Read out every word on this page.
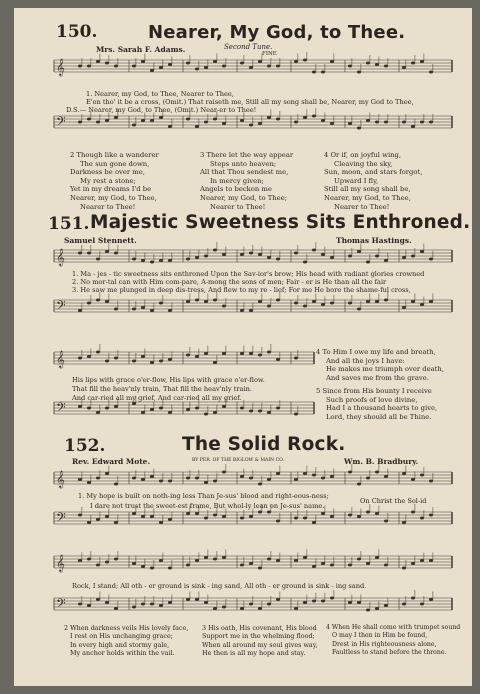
𝄞
𝄢
𝄞
𝄢
𝄞
𝄢
𝄞
𝄢
𝄞
𝄢
150.	Nearer, My God, to Thee.
Mrs. Sarah F. Adams.	Second Tune.
FINE
1. Nearer, my God, to Thee, Nearer to Thee,
E'en tho' it be a cross, (Omit.) That raiseth me, Still all my song shall be, Nearer, my God to Thee,
D.S.— Nearer, my God, to Thee, (Omit.) Near-er to Thee!
2 Though like a wanderer
The sun gone down,
Darkness be over me,
My rest a stone;
Yet in my dreams I'd be
Nearer, my God, to Thee,
Nearer to Thee!
3 There let the way appear
Steps unto heaven;
All that Thou sendest me,
In mercy given;
Angels to beckon me
Nearer, my God, to Thee;
Nearer to Thee!
4 Or if, on joyful wing,
Cleaving the sky,
Sun, moon, and stars forgot,
Upward I fly,
Still all my song shall be,
Nearer, my God, to Thee,
Nearer to Thee!
151. Majestic Sweetness Sits Enthroned.
Samuel Stennett.	Thomas Hastings.
1. Ma - jes - tic sweetness sits enthroned Upon the Sav-ior's brow; His head with radiant glories crowned
2. No mor-tal can with Him com-pare, A-mong the sons of men; Fair - er is He than all the fair
3. He saw me plunged in deep dis-tress, And flew to my re - lief; For me He bore the shame-ful cross,
His lips with grace o'er-flow, His lips with grace o'er-flow.
That fill the heav'nly train, That fill the heav'nly train.
And car-ried all my grief, And car-ried all my grief.
4 To Him I owe my life and breath,
And all the joys I have:
He makes me triumph over death,
And saves me from the grave.
5 Since from His bounty I receive
Such proofs of love divine,
Had I a thousand hearts to give,
Lord, they should all be Thine.
152.	The Solid Rock.
Rev. Edward Mote.	BY PER. OF THE BIGLOW & MAIN CO.	Wm. B. Bradbury.
1. My hope is built on noth-ing less Than Je-sus' blood and right-eous-ness;
I dare not trust the sweet-est frame, But whol-ly lean on Je-sus' name.
On Christ the Sol-id
Rock, I stand; All oth - er ground is sink - ing sand, All oth - er ground is sink - ing sand.
2 When darkness veils His lovely face,
I rest on His unchanging grace;
In every high and stormy gale,
My anchor holds within the vail.
3 His oath, His covenant, His blood
Support me in the whelming flood;
When all around my soul gives way,
He then is all my hope and stay.
4 When He shall come with trumpet sound
O may I then in Him be found,
Drest in His righteousness alone,
Faultless to stand before the throne.
